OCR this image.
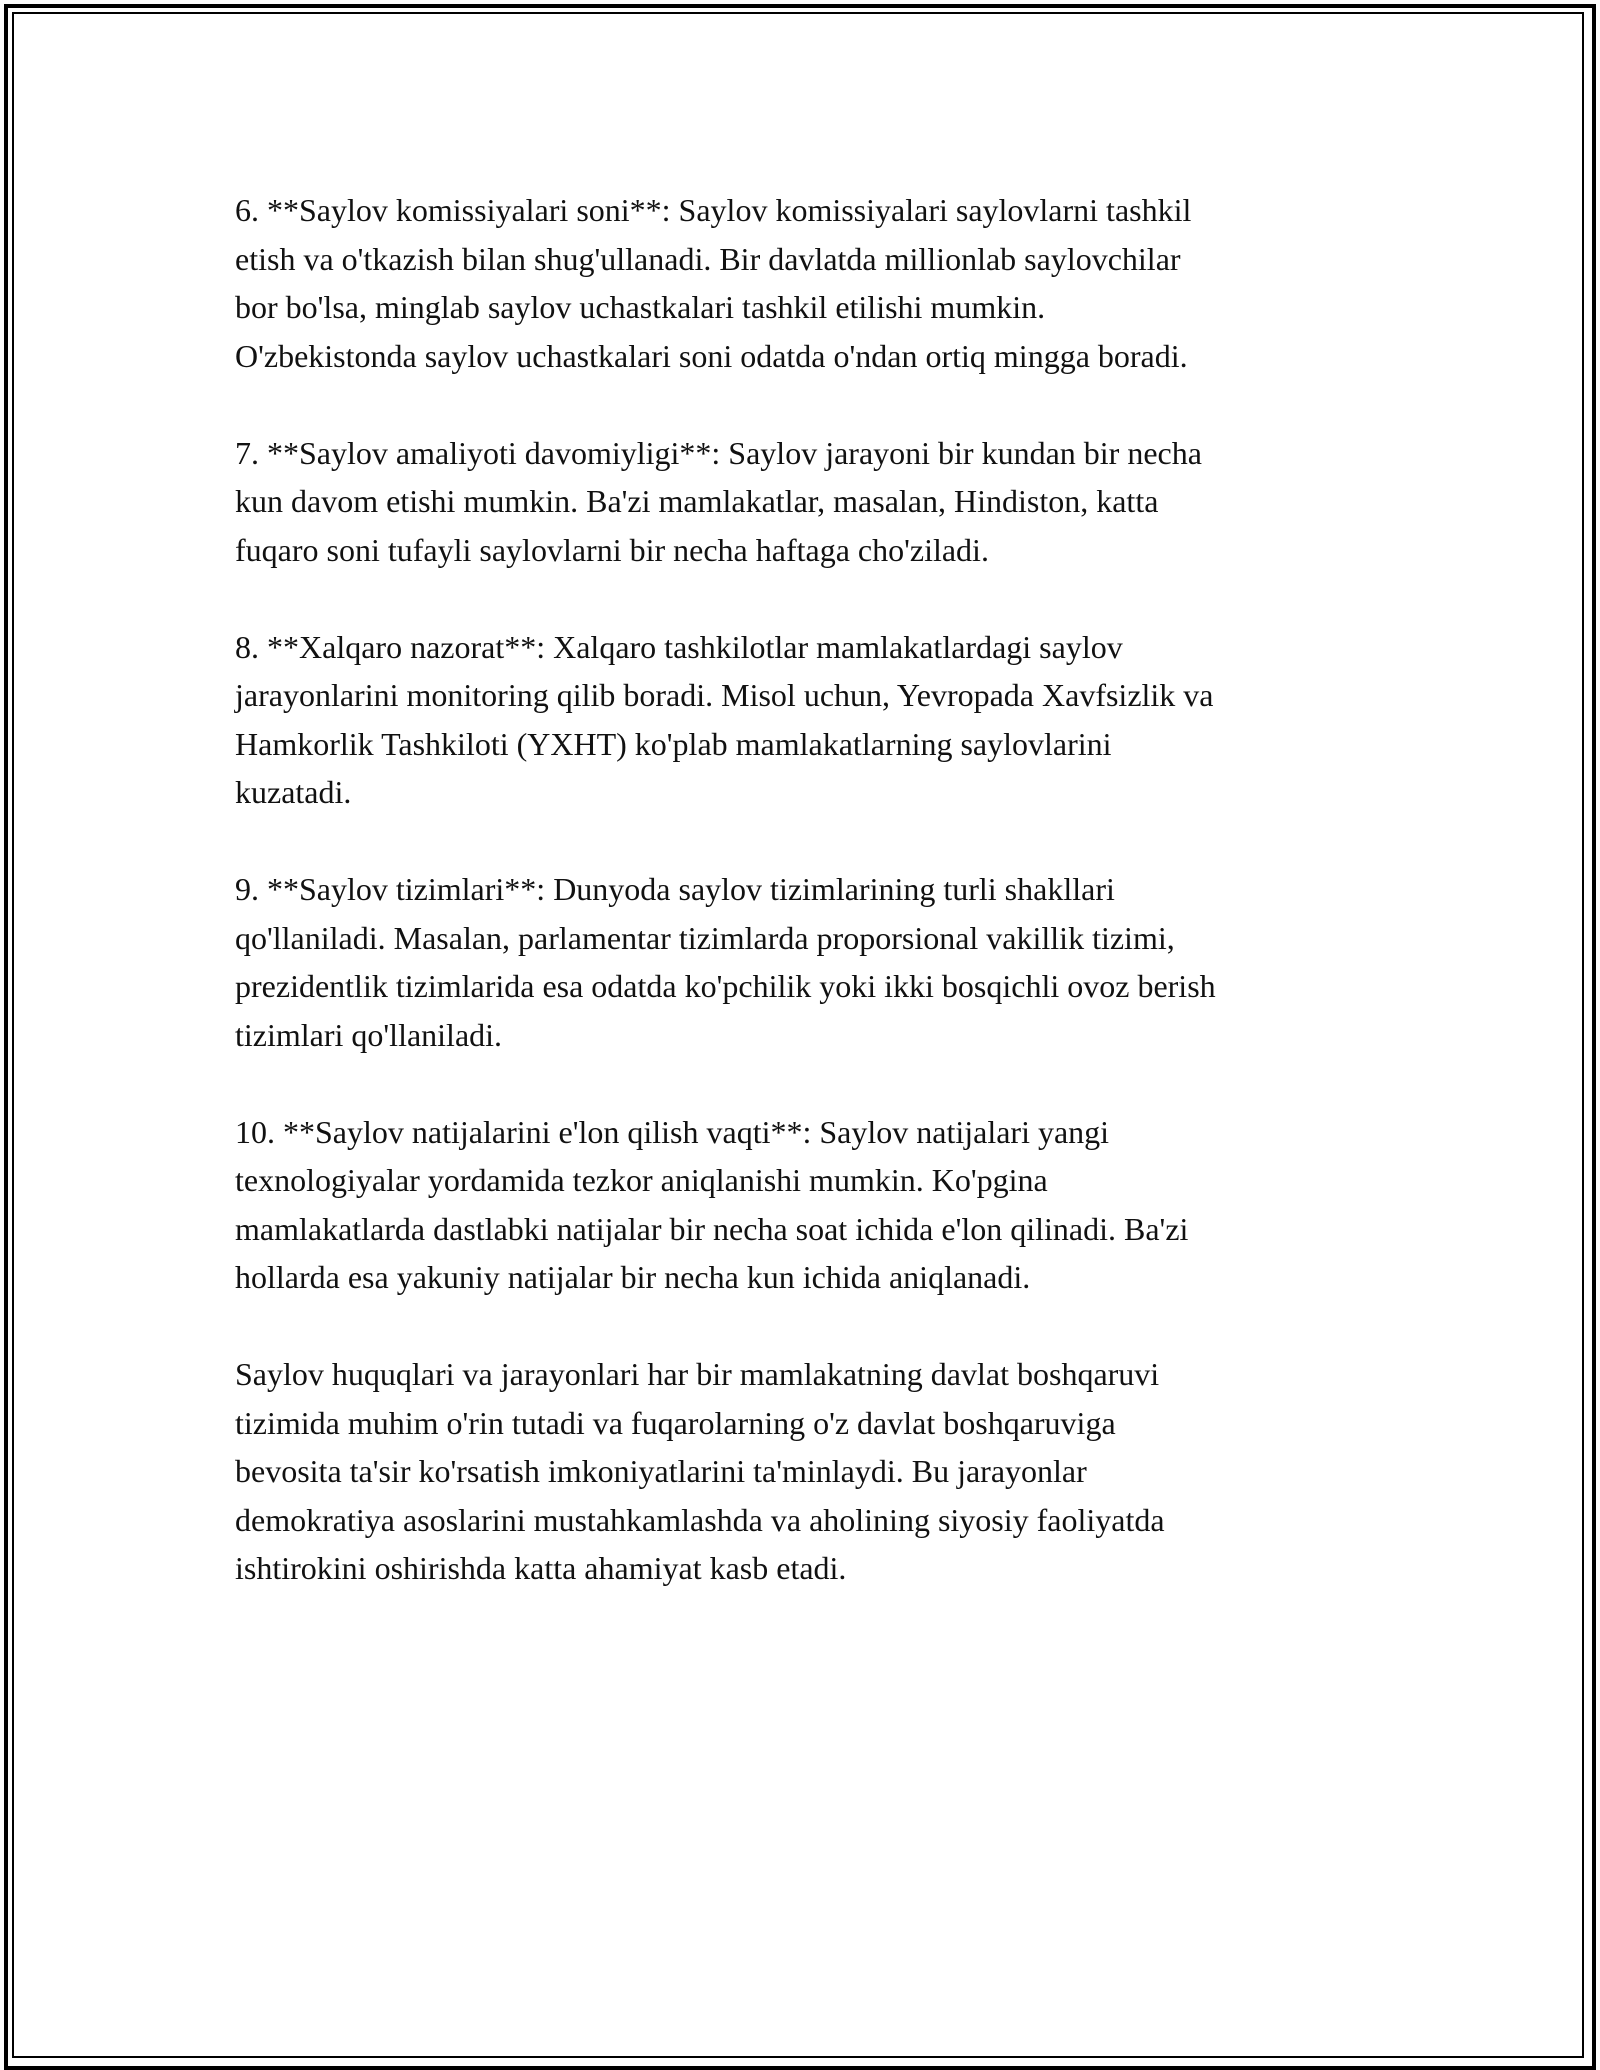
6. **Saylov komissiyalari soni**: Saylov komissiyalari saylovlarni tashkil
etish va o'tkazish bilan shug'ullanadi. Bir davlatda millionlab saylovchilar
bor bo'lsa, minglab saylov uchastkalari tashkil etilishi mumkin.
O'zbekistonda saylov uchastkalari soni odatda o'ndan ortiq mingga boradi.

7. **Saylov amaliyoti davomiyligi**: Saylov jarayoni bir kundan bir necha
kun davom etishi mumkin. Ba'zi mamlakatlar, masalan, Hindiston, katta
fuqaro soni tufayli saylovlarni bir necha haftaga cho'ziladi.

8. **Xalqaro nazorat**: Xalqaro tashkilotlar mamlakatlardagi saylov
jarayonlarini monitoring qilib boradi. Misol uchun, Yevropada Xavfsizlik va
Hamkorlik Tashkiloti (YXHT) ko'plab mamlakatlarning saylovlarini
kuzatadi.

9. **Saylov tizimlari**: Dunyoda saylov tizimlarining turli shakllari
qo'llaniladi. Masalan, parlamentar tizimlarda proporsional vakillik tizimi,
prezidentlik tizimlarida esa odatda ko'pchilik yoki ikki bosqichli ovoz berish
tizimlari qo'llaniladi.

10. **Saylov natijalarini e'lon qilish vaqti**: Saylov natijalari yangi
texnologiyalar yordamida tezkor aniqlanishi mumkin. Ko'pgina
mamlakatlarda dastlabki natijalar bir necha soat ichida e'lon qilinadi. Ba'zi
hollarda esa yakuniy natijalar bir necha kun ichida aniqlanadi.

Saylov huquqlari va jarayonlari har bir mamlakatning davlat boshqaruvi
tizimida muhim o'rin tutadi va fuqarolarning o'z davlat boshqaruviga
bevosita ta'sir ko'rsatish imkoniyatlarini ta'minlaydi. Bu jarayonlar
demokratiya asoslarini mustahkamlashda va aholining siyosiy faoliyatda
ishtirokini oshirishda katta ahamiyat kasb etadi.
